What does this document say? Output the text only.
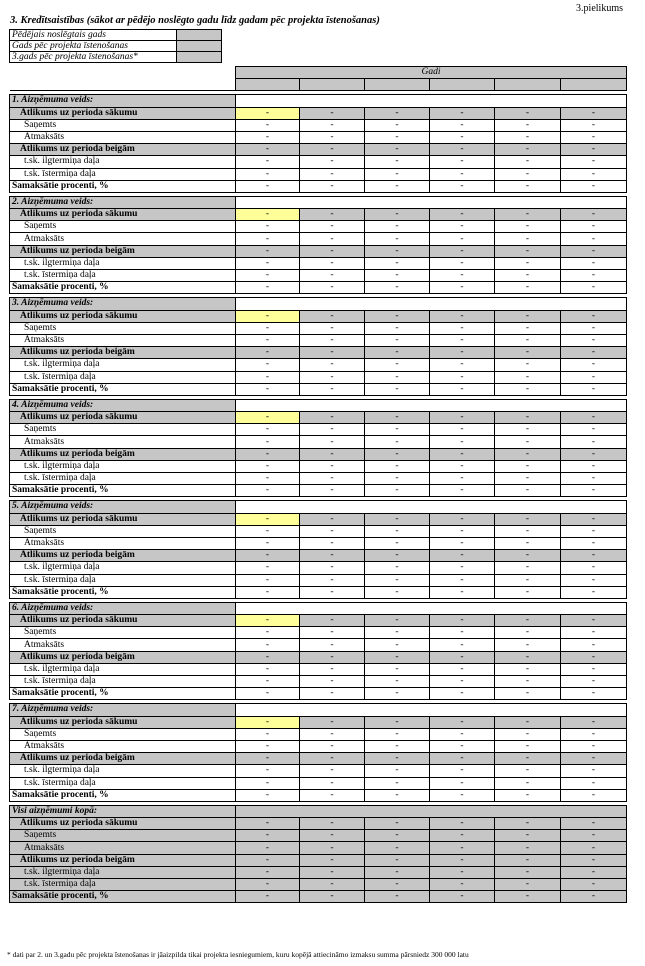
3.pielikums
3. Kredītsaistības (sākot ar pēdējo noslēgto gadu līdz gadam pēc projekta īstenošanas)
Pēdējais noslēgtais gads	
Gads pēc projekta īstenošanas	
3.gads pēc projekta īstenošanas*	
	Gadi					

1. Aizņēmuma veids:						
Atlikums uz perioda sākumu	-	-	-	-	-	-
Saņemts	-	-	-	-	-	-
Atmaksāts	-	-	-	-	-	-
Atlikums uz perioda beigām	-	-	-	-	-	-
t.sk. ilgtermiņa daļa	-	-	-	-	-	-
t.sk. īstermiņa daļa	-	-	-	-	-	-
Samaksātie procenti, %	-	-	-	-	-	-

2. Aizņēmuma veids:						
Atlikums uz perioda sākumu	-	-	-	-	-	-
Saņemts	-	-	-	-	-	-
Atmaksāts	-	-	-	-	-	-
Atlikums uz perioda beigām	-	-	-	-	-	-
t.sk. ilgtermiņa daļa	-	-	-	-	-	-
t.sk. īstermiņa daļa	-	-	-	-	-	-
Samaksātie procenti, %	-	-	-	-	-	-

3. Aizņēmuma veids:						
Atlikums uz perioda sākumu	-	-	-	-	-	-
Saņemts	-	-	-	-	-	-
Atmaksāts	-	-	-	-	-	-
Atlikums uz perioda beigām	-	-	-	-	-	-
t.sk. ilgtermiņa daļa	-	-	-	-	-	-
t.sk. īstermiņa daļa	-	-	-	-	-	-
Samaksātie procenti, %	-	-	-	-	-	-

4. Aizņēmuma veids:						
Atlikums uz perioda sākumu	-	-	-	-	-	-
Saņemts	-	-	-	-	-	-
Atmaksāts	-	-	-	-	-	-
Atlikums uz perioda beigām	-	-	-	-	-	-
t.sk. ilgtermiņa daļa	-	-	-	-	-	-
t.sk. īstermiņa daļa	-	-	-	-	-	-
Samaksātie procenti, %	-	-	-	-	-	-

5. Aizņēmuma veids:						
Atlikums uz perioda sākumu	-	-	-	-	-	-
Saņemts	-	-	-	-	-	-
Atmaksāts	-	-	-	-	-	-
Atlikums uz perioda beigām	-	-	-	-	-	-
t.sk. ilgtermiņa daļa	-	-	-	-	-	-
t.sk. īstermiņa daļa	-	-	-	-	-	-
Samaksātie procenti, %	-	-	-	-	-	-

6. Aizņēmuma veids:						
Atlikums uz perioda sākumu	-	-	-	-	-	-
Saņemts	-	-	-	-	-	-
Atmaksāts	-	-	-	-	-	-
Atlikums uz perioda beigām	-	-	-	-	-	-
t.sk. ilgtermiņa daļa	-	-	-	-	-	-
t.sk. īstermiņa daļa	-	-	-	-	-	-
Samaksātie procenti, %	-	-	-	-	-	-

7. Aizņēmuma veids:						
Atlikums uz perioda sākumu	-	-	-	-	-	-
Saņemts	-	-	-	-	-	-
Atmaksāts	-	-	-	-	-	-
Atlikums uz perioda beigām	-	-	-	-	-	-
t.sk. ilgtermiņa daļa	-	-	-	-	-	-
t.sk. īstermiņa daļa	-	-	-	-	-	-
Samaksātie procenti, %	-	-	-	-	-	-

Visi aizņēmumi kopā:						
Atlikums uz perioda sākumu	-	-	-	-	-	-
Saņemts	-	-	-	-	-	-
Atmaksāts	-	-	-	-	-	-
Atlikums uz perioda beigām	-	-	-	-	-	-
t.sk. ilgtermiņa daļa	-	-	-	-	-	-
t.sk. īstermiņa daļa	-	-	-	-	-	-
Samaksātie procenti, %	-	-	-	-	-	-
* dati par 2. un 3.gadu pēc projekta īstenošanas ir jāaizpilda tikai projekta iesniegumiem, kuru kopējā attiecināmo izmaksu summa pārsniedz 300 000 latu
